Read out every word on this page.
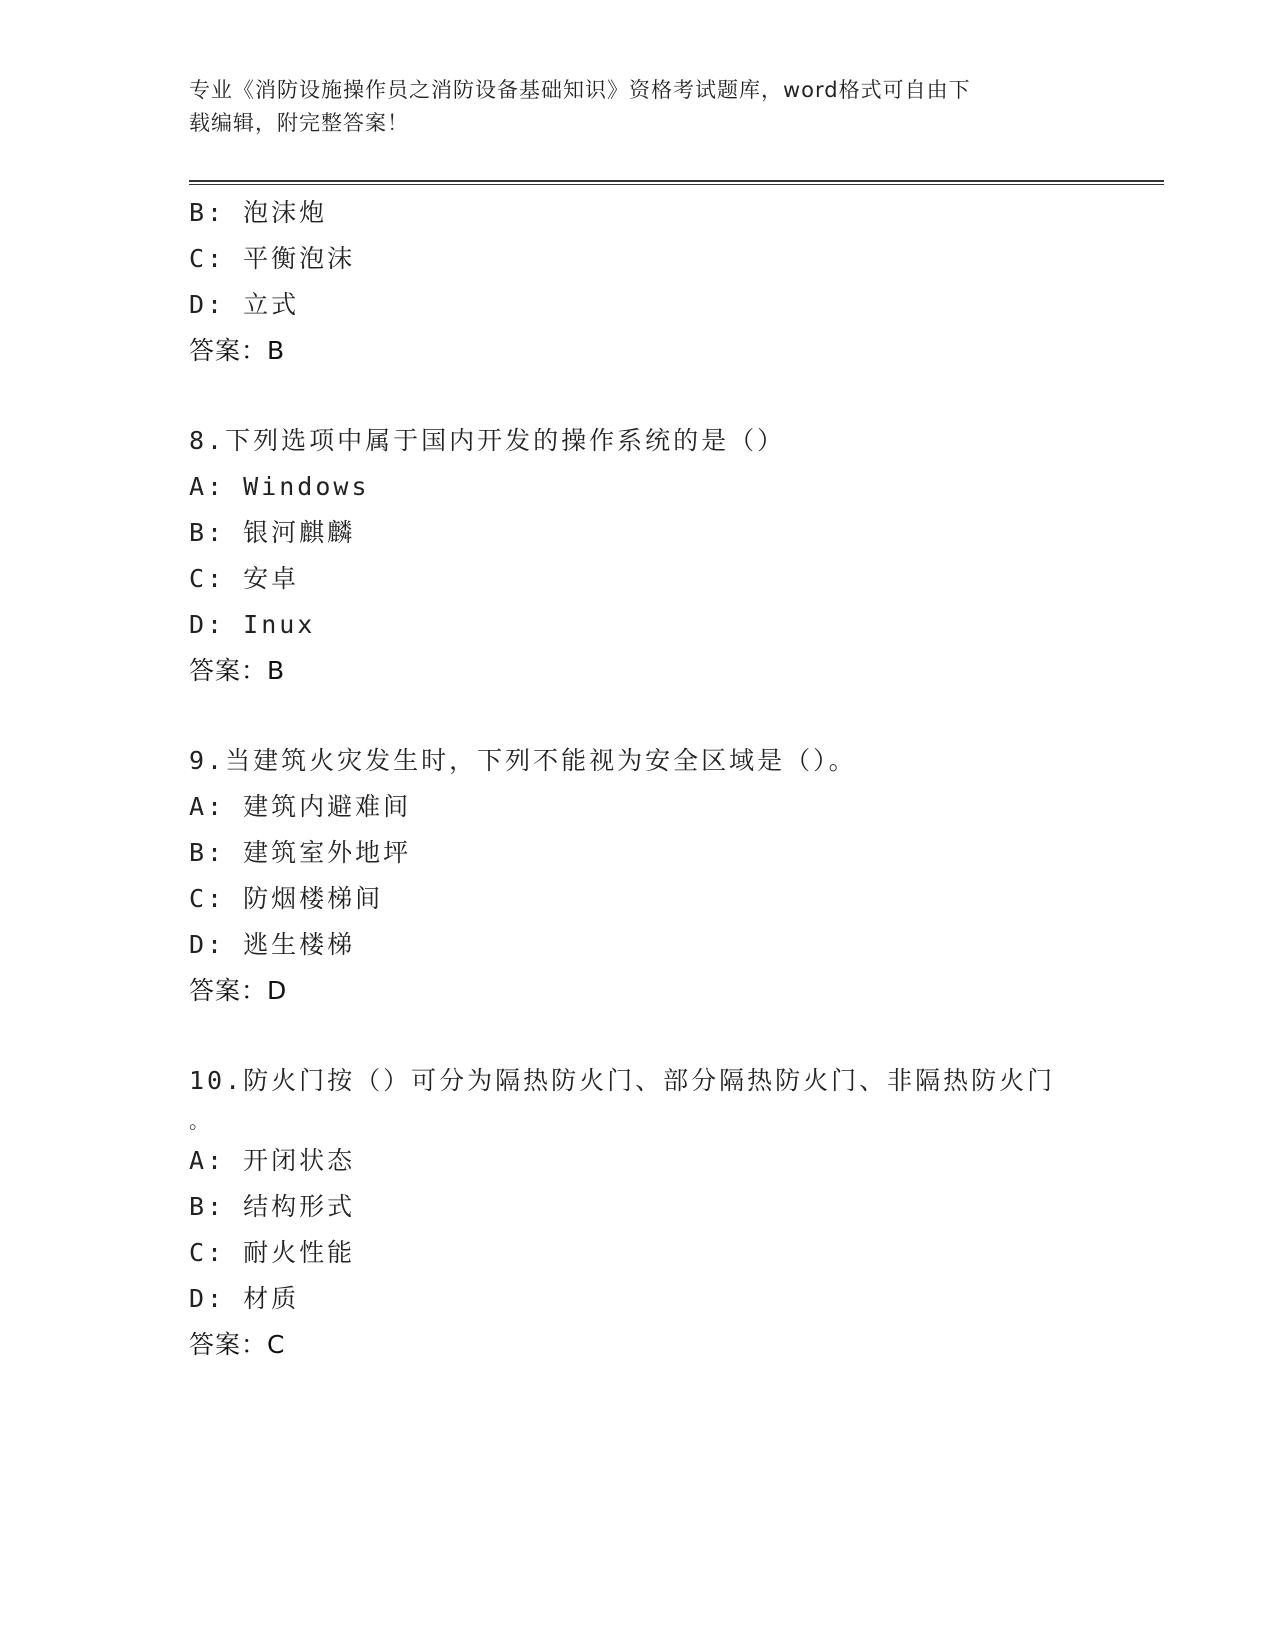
专业《消防设施操作员之消防设备基础知识》资格考试题库，word格式可自由下
载编辑，附完整答案！
B: 泡沫炮
C: 平衡泡沫
D: 立式
答案：B
8.下列选项中属于国内开发的操作系统的是（）
A: Windows
B: 银河麒麟
C: 安卓
D: Inux
答案：B
9.当建筑火灾发生时，下列不能视为安全区域是（）。
A: 建筑内避难间
B: 建筑室外地坪
C: 防烟楼梯间
D: 逃生楼梯
答案：D
10.防火门按（）可分为隔热防火门、部分隔热防火门、非隔热防火门
。
A: 开闭状态
B: 结构形式
C: 耐火性能
D: 材质
答案：C
